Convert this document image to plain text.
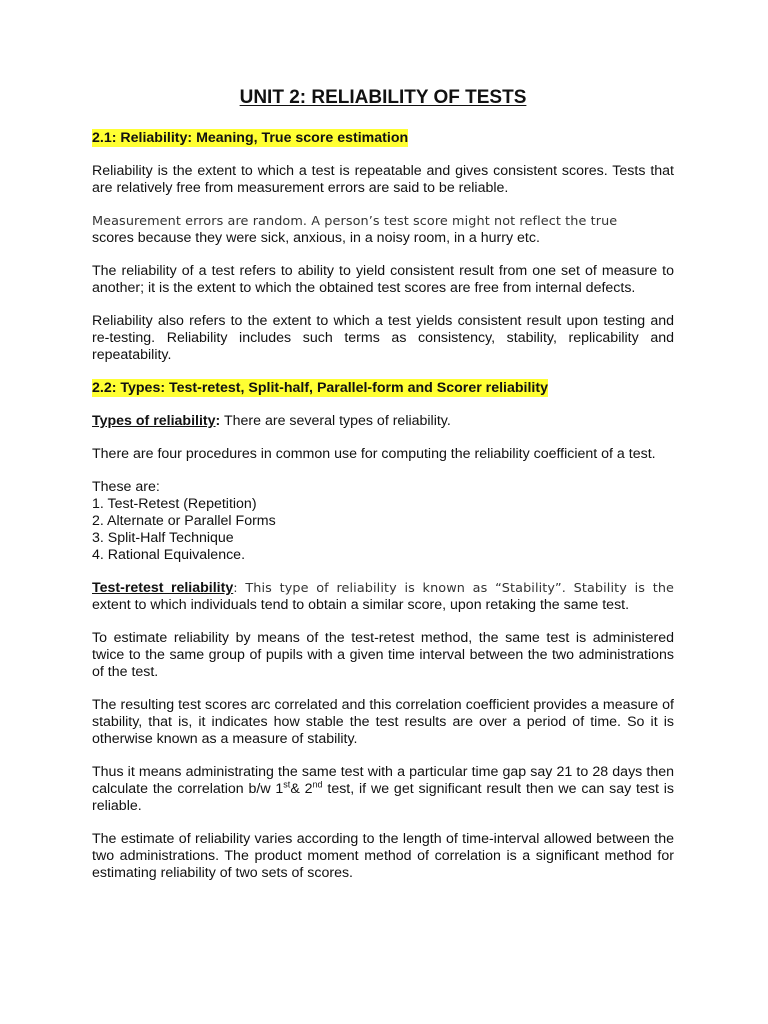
UNIT 2: RELIABILITY OF TESTS
2.1: Reliability: Meaning, True score estimation

Reliability is the extent to which a test is repeatable and gives consistent scores. Tests that are relatively free from measurement errors are said to be reliable.

Measurement errors are random. A person’s test score might not reflect the true
scores because they were sick, anxious, in a noisy room, in a hurry etc.

The reliability of a test refers to ability to yield consistent result from one set of measure to another; it is the extent to which the obtained test scores are free from internal defects.

Reliability also refers to the extent to which a test yields consistent result upon testing and re-testing. Reliability includes such terms as consistency, stability, replicability and repeatability.

2.2: Types: Test-retest, Split-half, Parallel-form and Scorer reliability

Types of reliability: There are several types of reliability.

There are four procedures in common use for computing the reliability coefficient of a test.

These are:
1. Test-Retest (Repetition)
2. Alternate or Parallel Forms
3. Split-Half Technique
4. Rational Equivalence.

Test-retest reliability: This type of reliability is known as “Stability”. Stability is the extent to which individuals tend to obtain a similar score, upon retaking the same test.

To estimate reliability by means of the test-retest method, the same test is administered twice to the same group of pupils with a given time interval between the two administrations of the test.

The resulting test scores arc correlated and this correlation coefficient provides a measure of stability, that is, it indicates how stable the test results are over a period of time. So it is otherwise known as a measure of stability.

Thus it means administrating the same test with a particular time gap say 21 to 28 days then calculate the correlation b/w 1st& 2nd test, if we get significant result then we can say test is reliable.

The estimate of reliability varies according to the length of time-interval allowed between the two administrations. The product moment method of correlation is a significant method for estimating reliability of two sets of scores.
